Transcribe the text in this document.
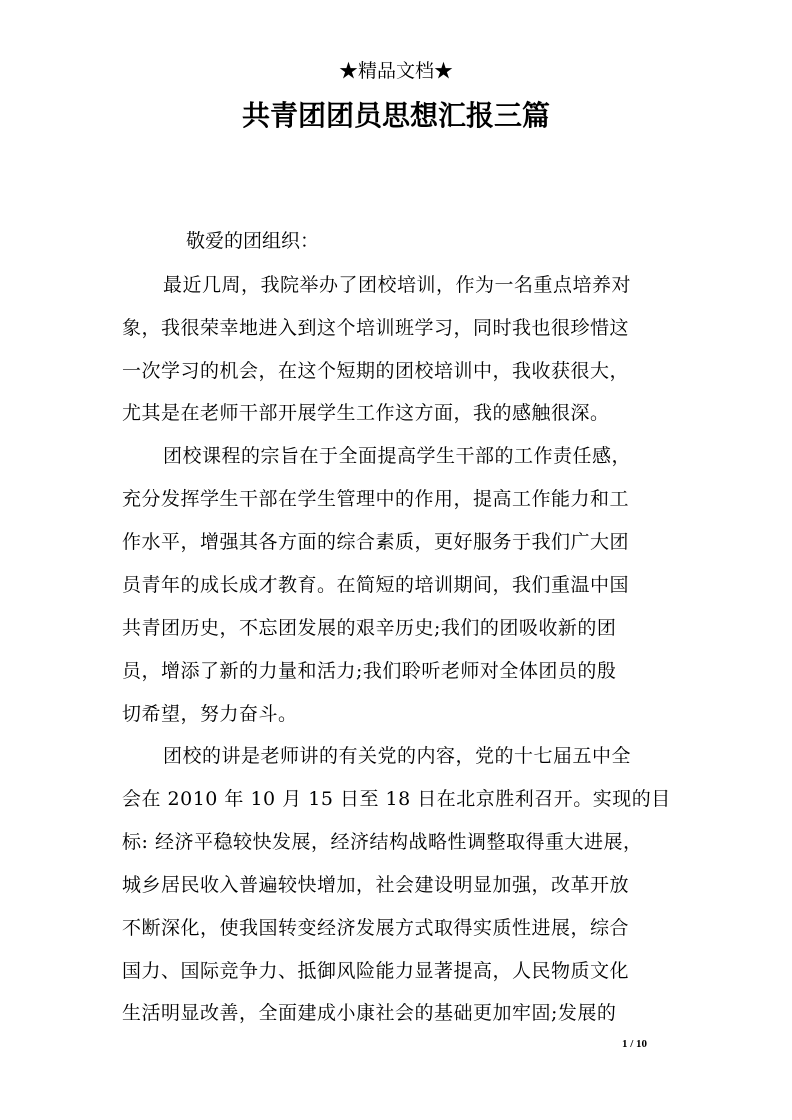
★精品文档★
共青团团员思想汇报三篇
敬爱的团组织：
最近几周，我院举办了团校培训，作为一名重点培养对
象，我很荣幸地进入到这个培训班学习，同时我也很珍惜这
一次学习的机会，在这个短期的团校培训中，我收获很大，
尤其是在老师干部开展学生工作这方面，我的感触很深。
团校课程的宗旨在于全面提高学生干部的工作责任感，
充分发挥学生干部在学生管理中的作用，提高工作能力和工
作水平，增强其各方面的综合素质，更好服务于我们广大团
员青年的成长成才教育。在简短的培训期间，我们重温中国
共青团历史，不忘团发展的艰辛历史;我们的团吸收新的团
员，增添了新的力量和活力;我们聆听老师对全体团员的殷
切希望，努力奋斗。
团校的讲是老师讲的有关党的内容，党的十七届五中全
会在 2010 年 10 月 15 日至 18 日在北京胜利召开。实现的目
标: 经济平稳较快发展，经济结构战略性调整取得重大进展，
城乡居民收入普遍较快增加，社会建设明显加强，改革开放
不断深化，使我国转变经济发展方式取得实质性进展，综合
国力、国际竞争力、抵御风险能力显著提高，人民物质文化
生活明显改善，全面建成小康社会的基础更加牢固;发展的
1 / 10
